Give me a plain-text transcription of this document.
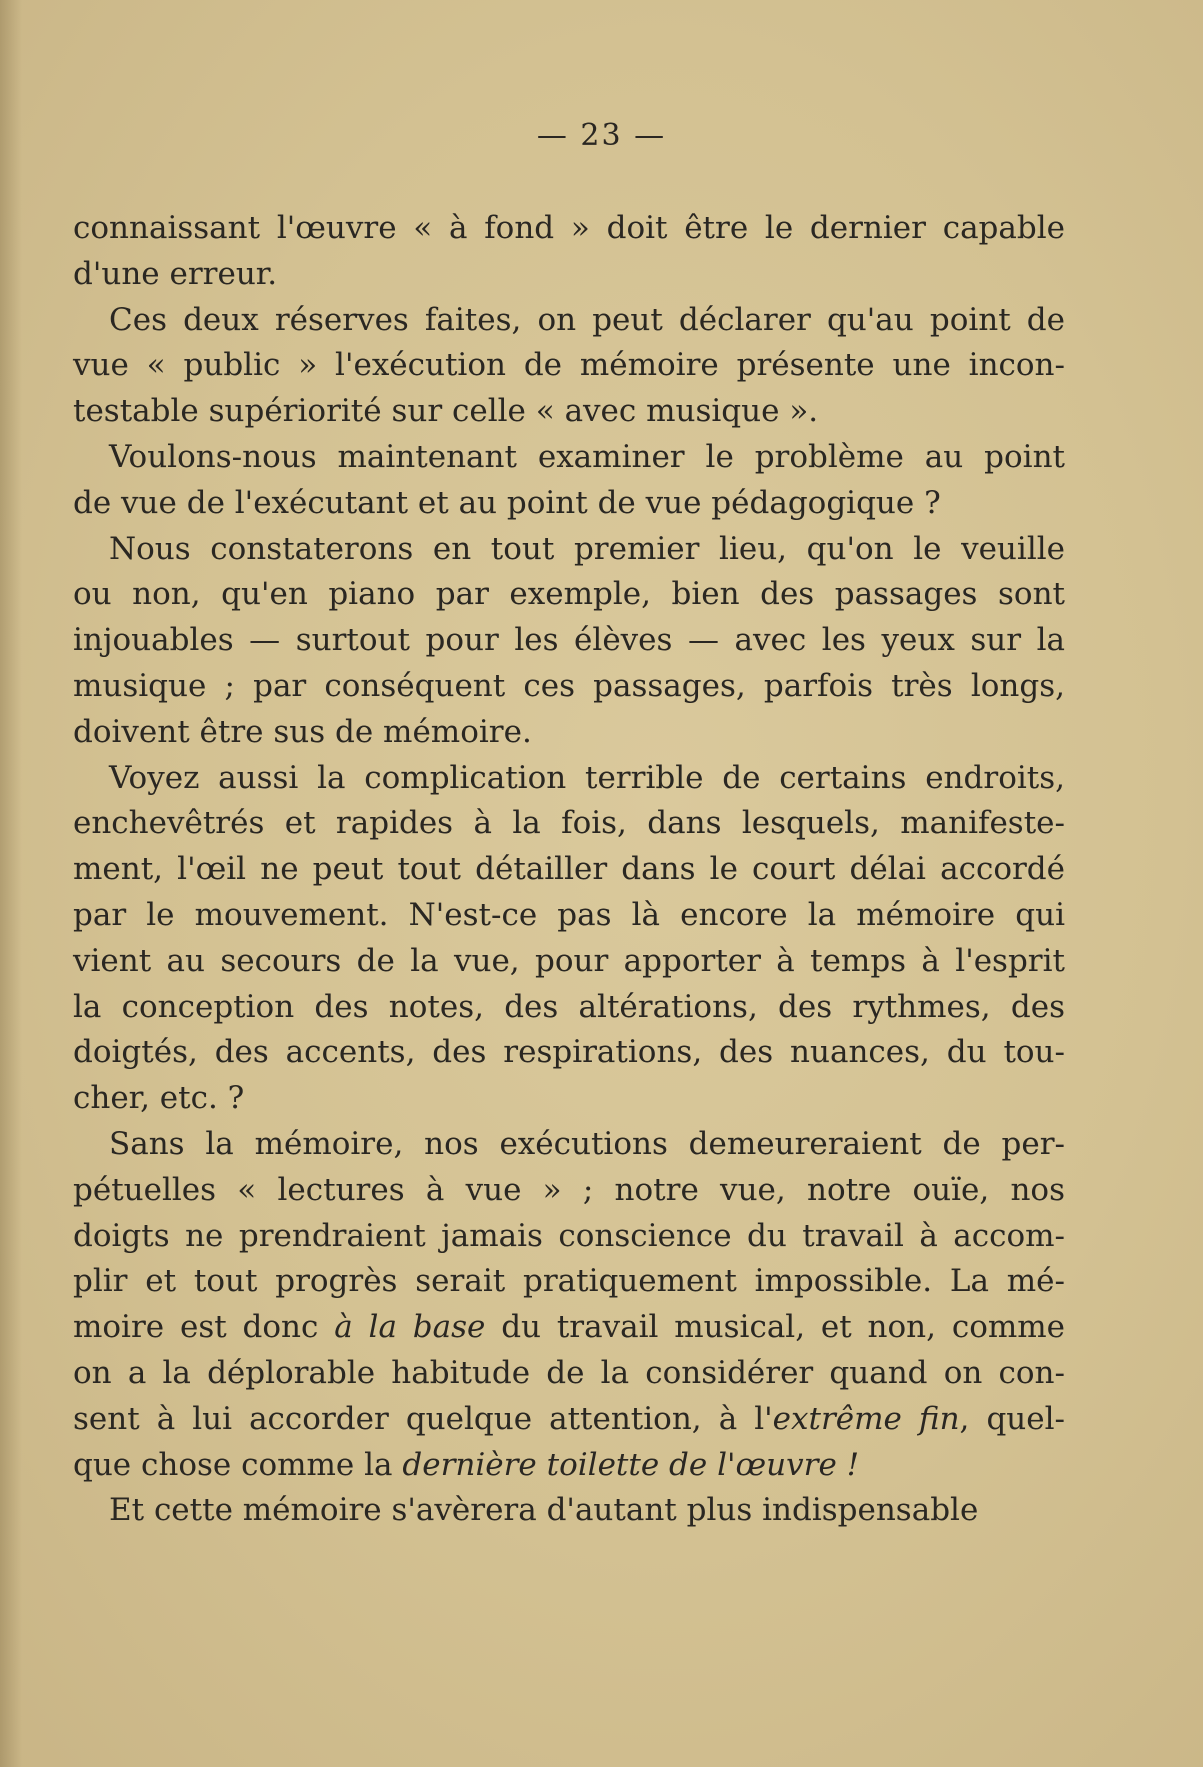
— 23 —
connaissant l'œuvre « à fond » doit être le dernier capable
d'une erreur.
Ces deux réserves faites, on peut déclarer qu'au point de
vue « public » l'exécution de mémoire présente une incon-
testable supériorité sur celle « avec musique ».
Voulons-nous maintenant examiner le problème au point
de vue de l'exécutant et au point de vue pédagogique ?
Nous constaterons en tout premier lieu, qu'on le veuille
ou non, qu'en piano par exemple, bien des passages sont
injouables — surtout pour les élèves — avec les yeux sur la
musique ; par conséquent ces passages, parfois très longs,
doivent être sus de mémoire.
Voyez aussi la complication terrible de certains endroits,
enchevêtrés et rapides à la fois, dans lesquels, manifeste-
ment, l'œil ne peut tout détailler dans le court délai accordé
par le mouvement. N'est-ce pas là encore la mémoire qui
vient au secours de la vue, pour apporter à temps à l'esprit
la conception des notes, des altérations, des rythmes, des
doigtés, des accents, des respirations, des nuances, du tou-
cher, etc. ?
Sans la mémoire, nos exécutions demeureraient de per-
pétuelles « lectures à vue » ; notre vue, notre ouïe, nos
doigts ne prendraient jamais conscience du travail à accom-
plir et tout progrès serait pratiquement impossible. La mé-
moire est donc à la base du travail musical, et non, comme
on a la déplorable habitude de la considérer quand on con-
sent à lui accorder quelque attention, à l'extrême fin, quel-
que chose comme la dernière toilette de l'œuvre !
Et cette mémoire s'avèrera d'autant plus indispensable
